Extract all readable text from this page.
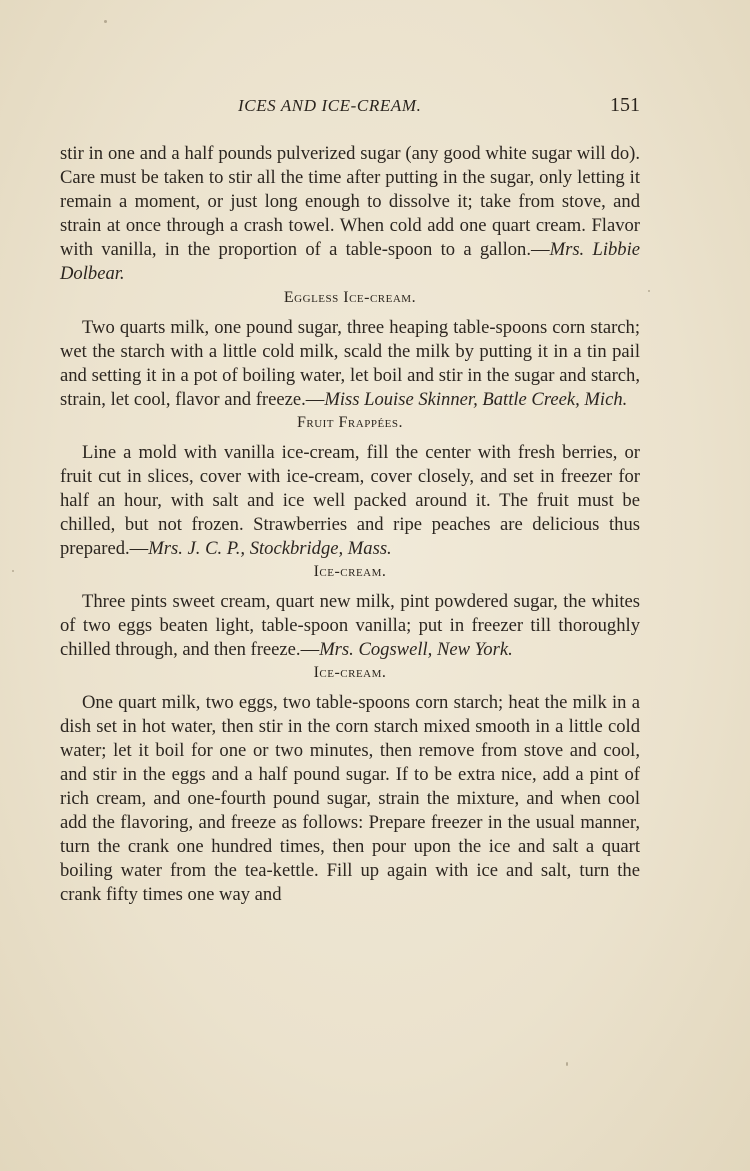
ICES AND ICE-CREAM.	151

stir in one and a half pounds pulverized sugar (any good white sugar will do). Care must be taken to stir all the time after putting in the sugar, only letting it remain a moment, or just long enough to dissolve it; take from stove, and strain at once through a crash towel. When cold add one quart cream. Flavor with vanilla, in the proportion of a table-spoon to a gallon.—Mrs. Libbie Dolbear.

Eggless Ice-cream.

Two quarts milk, one pound sugar, three heaping table-spoons corn starch; wet the starch with a little cold milk, scald the milk by putting it in a tin pail and setting it in a pot of boiling water, let boil and stir in the sugar and starch, strain, let cool, flavor and freeze.—Miss Louise Skinner, Battle Creek, Mich.

Fruit Frappées.

Line a mold with vanilla ice-cream, fill the center with fresh berries, or fruit cut in slices, cover with ice-cream, cover closely, and set in freezer for half an hour, with salt and ice well packed around it. The fruit must be chilled, but not frozen. Strawberries and ripe peaches are delicious thus prepared.—Mrs. J. C. P., Stockbridge, Mass.

Ice-cream.

Three pints sweet cream, quart new milk, pint powdered sugar, the whites of two eggs beaten light, table-spoon vanilla; put in freezer till thoroughly chilled through, and then freeze.—Mrs. Cogswell, New York.

Ice-cream.

One quart milk, two eggs, two table-spoons corn starch; heat the milk in a dish set in hot water, then stir in the corn starch mixed smooth in a little cold water; let it boil for one or two minutes, then remove from stove and cool, and stir in the eggs and a half pound sugar. If to be extra nice, add a pint of rich cream, and one-fourth pound sugar, strain the mixture, and when cool add the flavoring, and freeze as follows: Prepare freezer in the usual manner, turn the crank one hundred times, then pour upon the ice and salt a quart boiling water from the tea-kettle. Fill up again with ice and salt, turn the crank fifty times one way and
